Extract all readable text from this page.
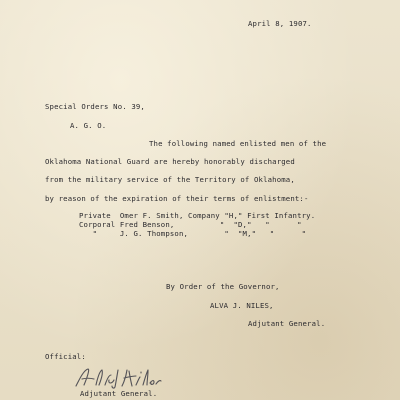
April 8, 1907.
Special Orders No. 39,
A. G. O.
The following named enlisted men of the
Oklahoma National Guard are hereby honorably discharged
from the military service of the Territory of Oklahoma,
by reason of the expiration of their terms of enlistment:-
Private  Omer F. Smith, Company "H," First Infantry.
Corporal Fred Benson,          "  "D,"   "      "
"     J. G. Thompson,        "  "M,"   "      "
By Order of the Governor,
ALVA J. NILES,
Adjutant General.
Official:
Adjutant General.
